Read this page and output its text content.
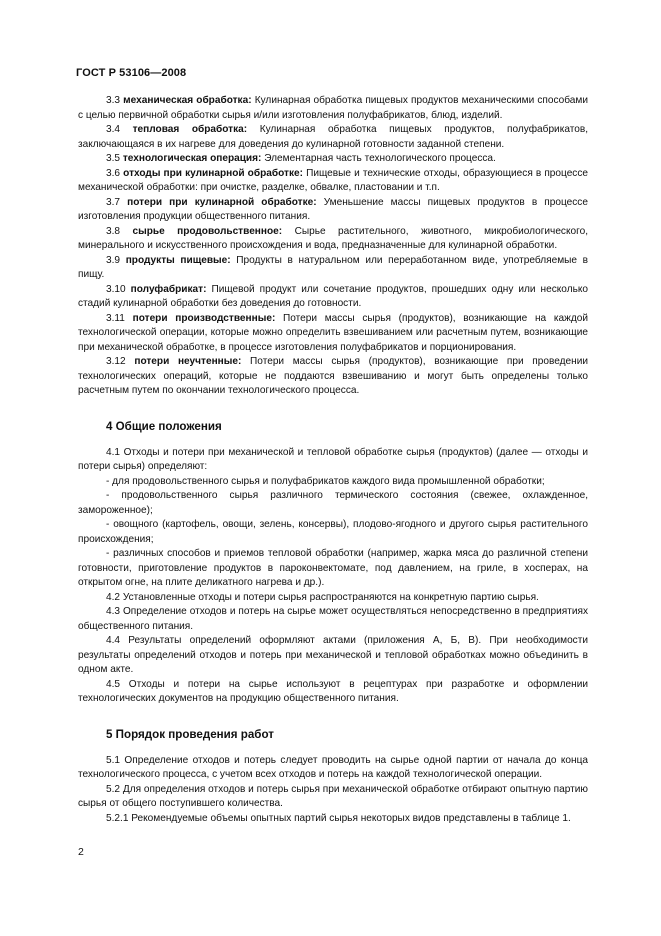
ГОСТ Р 53106—2008

3.3 механическая обработка: Кулинарная обработка пищевых продуктов механическими способами с целью первичной обработки сырья и/или изготовления полуфабрикатов, блюд, изделий.

3.4 тепловая обработка: Кулинарная обработка пищевых продуктов, полуфабрикатов, заключающаяся в их нагреве для доведения до кулинарной готовности заданной степени.

3.5 технологическая операция: Элементарная часть технологического процесса.

3.6 отходы при кулинарной обработке: Пищевые и технические отходы, образующиеся в процессе механической обработки: при очистке, разделке, обвалке, пластовании и т.п.

3.7 потери при кулинарной обработке: Уменьшение массы пищевых продуктов в процессе изготовления продукции общественного питания.

3.8 сырье продовольственное: Сырье растительного, животного, микробиологического, минерального и искусственного происхождения и вода, предназначенные для кулинарной обработки.

3.9 продукты пищевые: Продукты в натуральном или переработанном виде, употребляемые в пищу.

3.10 полуфабрикат: Пищевой продукт или сочетание продуктов, прошедших одну или несколько стадий кулинарной обработки без доведения до готовности.

3.11 потери производственные: Потери массы сырья (продуктов), возникающие на каждой технологической операции, которые можно определить взвешиванием или расчетным путем, возникающие при механической обработке, в процессе изготовления полуфабрикатов и порционирования.

3.12 потери неучтенные: Потери массы сырья (продуктов), возникающие при проведении технологических операций, которые не поддаются взвешиванию и могут быть определены только расчетным путем по окончании технологического процесса.

4 Общие положения

4.1 Отходы и потери при механической и тепловой обработке сырья (продуктов) (далее — отходы и потери сырья) определяют:

- для продовольственного сырья и полуфабрикатов каждого вида промышленной обработки;

- продовольственного сырья различного термического состояния (свежее, охлажденное, замороженное);

- овощного (картофель, овощи, зелень, консервы), плодово-ягодного и другого сырья растительного происхождения;

- различных способов и приемов тепловой обработки (например, жарка мяса до различной степени готовности, приготовление продуктов в пароконвектомате, под давлением, на гриле, в хосперах, на открытом огне, на плите деликатного нагрева и др.).

4.2 Установленные отходы и потери сырья распространяются на конкретную партию сырья.

4.3 Определение отходов и потерь на сырье может осуществляться непосредственно в предприятиях общественного питания.

4.4 Результаты определений оформляют актами (приложения А, Б, В). При необходимости результаты определений отходов и потерь при механической и тепловой обработках можно объединить в одном акте.

4.5 Отходы и потери на сырье используют в рецептурах при разработке и оформлении технологических документов на продукцию общественного питания.

5 Порядок проведения работ

5.1 Определение отходов и потерь следует проводить на сырье одной партии от начала до конца технологического процесса, с учетом всех отходов и потерь на каждой технологической операции.

5.2 Для определения отходов и потерь сырья при механической обработке отбирают опытную партию сырья от общего поступившего количества.

5.2.1 Рекомендуемые объемы опытных партий сырья некоторых видов представлены в таблице 1.

2
